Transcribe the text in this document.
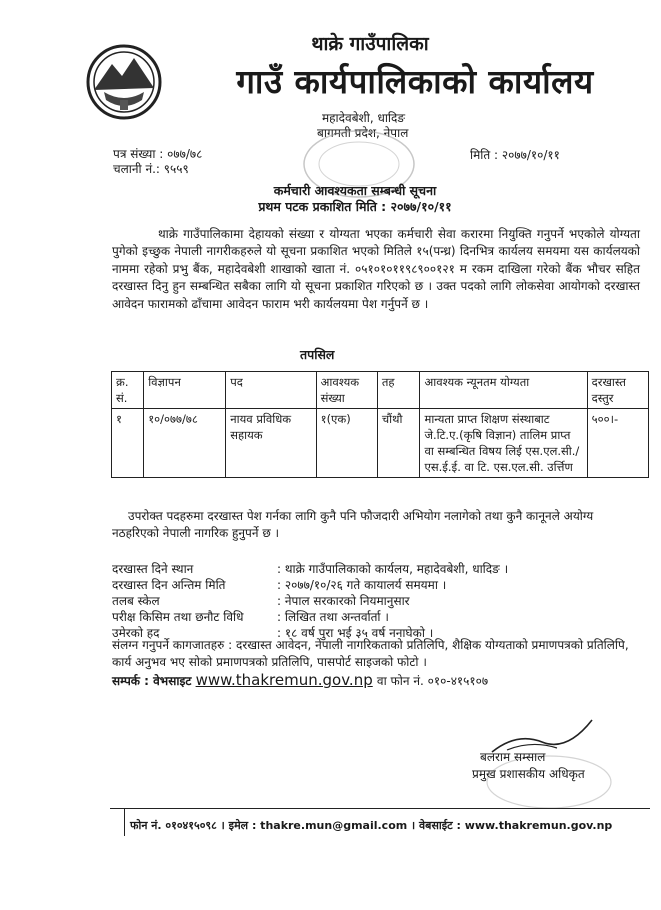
थाक्रे गाउँपालिका
गाउँ कार्यपालिकाको कार्यालय
महादेवबेशी, धादिङ
बागमती प्रदेश, नेपाल
पत्र संख्या : ०७७/७८
चलानी नं.: ९५५९
मिति : २०७७/१०/११
कर्मचारी आवश्यकता सम्बन्धी सूचना
प्रथम पटक प्रकाशित मिति : २०७७/१०/११
थाक्रे गाउँपालिकामा देहायको संख्या र योग्यता भएका कर्मचारी सेवा करारमा नियुक्ति गनुपर्ने भएकोले योग्यता पुगेको इच्छुक नेपाली नागरीकहरुले यो सूचना प्रकाशित भएको मितिले १५(पन्ध्र) दिनभित्र कार्यलय समयमा यस कार्यलयको नाममा रहेको प्रभु बैंक, महादेवबेशी शाखाको खाता नं. ०५१०१०११९८९००१२१ म रकम दाखिला गरेको बैंक भौचर सहित दरखास्त दिनु हुन सम्बन्धित सबैका लागि यो सूचना प्रकाशित गरिएको छ । उक्त पदको लागि लोकसेवा आयोगको दरखास्त आवेदन फारामको ढाँचामा आवेदन फाराम भरी कार्यलयमा पेश गर्नुपर्ने छ ।
तपसिल
क्र. सं.	विज्ञापन	पद	आवश्यक संख्या	तह	आवश्यक न्यूनतम योग्यता	दरखास्त दस्तुर
१	१०/०७७/७८	नायव प्रविधिक सहायक	१(एक)	चौंथौ	मान्यता प्राप्त शिक्षण संस्थाबाट जे.टि.ए.(कृषि विज्ञान) तालिम प्राप्त वा सम्बन्धित विषय लिई एस.एल.सी./एस.ई.ई. वा टि. एस.एल.सी. उर्त्तिण	५००।-
उपरोक्त पदहरुमा दरखास्त पेश गर्नका लागि कुनै पनि फौजदारी अभियोग नलागेको तथा कुनै कानूनले अयोग्य नठहरिएको नेपाली नागरिक हुनुपर्ने छ ।
दरखास्त दिने स्थान	: थाक्रे गाउँपालिकाको कार्यलय, महादेवबेशी, धादिङ ।
दरखास्त दिन अन्तिम मिति	: २०७७/१०/२६ गते कायालर्य समयमा ।
तलब स्केल	: नेपाल सरकारको नियमानुसार
परीक्ष किसिम तथा छनौट विधि	: लिखित तथा अन्तर्वार्ता ।
उमेरको हद	: १८ वर्ष पुरा भई ३५ वर्ष ननाघेको ।
संलग्न गनुपर्ने कागजातहरु : दरखास्त आवेदन, नेपाली नागरिकताको प्रतिलिपि, शैक्षिक योग्यताको प्रमाणपत्रको प्रतिलिपि, कार्य अनुभव भए सोको प्रमाणपत्रको प्रतिलिपि, पासपोर्ट साइजको फोटो ।
सम्पर्क : वेभसाइट www.thakremun.gov.np वा फोन नं. ०१०-४१५१०७
बलराम सम्साल
प्रमुख प्रशासकीय अधिकृत
फोन नं. ०१०४१५०९८ । इमेल : thakre.mun@gmail.com । वेबसाईट : www.thakremun.gov.np
